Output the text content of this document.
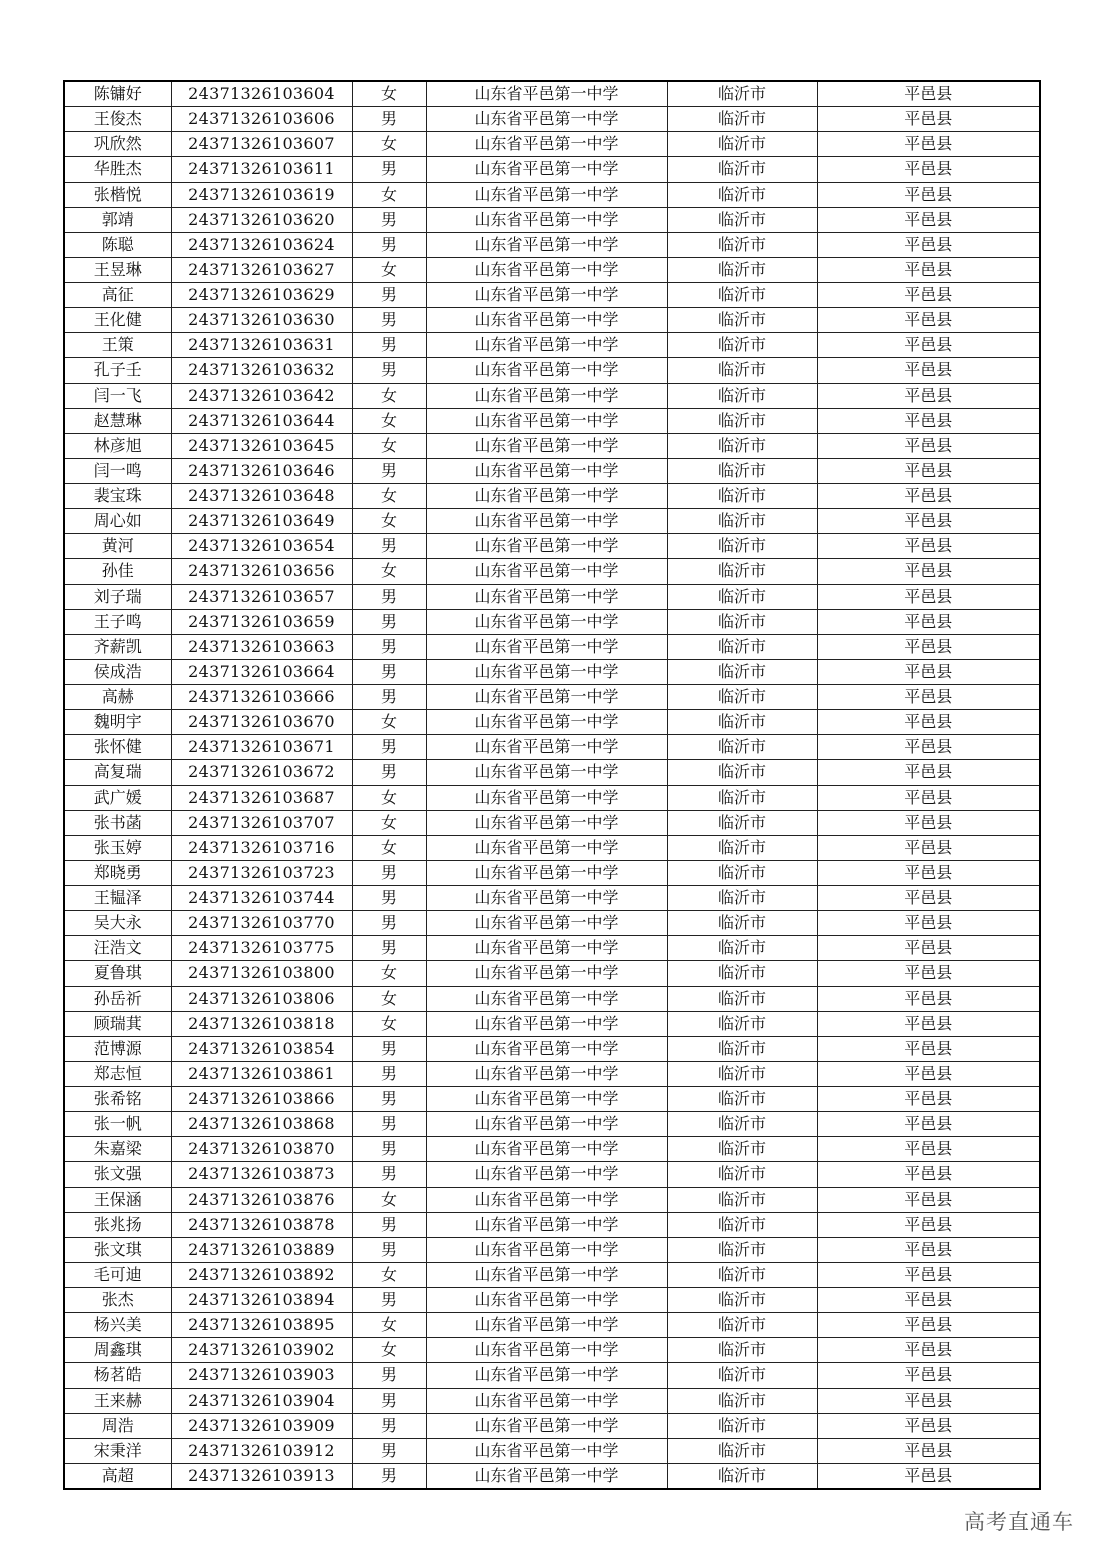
陈镛好	24371326103604	女	山东省平邑第一中学	临沂市	平邑县
王俊杰	24371326103606	男	山东省平邑第一中学	临沂市	平邑县
巩欣然	24371326103607	女	山东省平邑第一中学	临沂市	平邑县
华胜杰	24371326103611	男	山东省平邑第一中学	临沂市	平邑县
张楷悦	24371326103619	女	山东省平邑第一中学	临沂市	平邑县
郭靖	24371326103620	男	山东省平邑第一中学	临沂市	平邑县
陈聪	24371326103624	男	山东省平邑第一中学	临沂市	平邑县
王昱琳	24371326103627	女	山东省平邑第一中学	临沂市	平邑县
高征	24371326103629	男	山东省平邑第一中学	临沂市	平邑县
王化健	24371326103630	男	山东省平邑第一中学	临沂市	平邑县
王策	24371326103631	男	山东省平邑第一中学	临沂市	平邑县
孔子壬	24371326103632	男	山东省平邑第一中学	临沂市	平邑县
闫一飞	24371326103642	女	山东省平邑第一中学	临沂市	平邑县
赵慧琳	24371326103644	女	山东省平邑第一中学	临沂市	平邑县
林彦旭	24371326103645	女	山东省平邑第一中学	临沂市	平邑县
闫一鸣	24371326103646	男	山东省平邑第一中学	临沂市	平邑县
裴宝珠	24371326103648	女	山东省平邑第一中学	临沂市	平邑县
周心如	24371326103649	女	山东省平邑第一中学	临沂市	平邑县
黄河	24371326103654	男	山东省平邑第一中学	临沂市	平邑县
孙佳	24371326103656	女	山东省平邑第一中学	临沂市	平邑县
刘子瑞	24371326103657	男	山东省平邑第一中学	临沂市	平邑县
王子鸣	24371326103659	男	山东省平邑第一中学	临沂市	平邑县
齐薪凯	24371326103663	男	山东省平邑第一中学	临沂市	平邑县
侯成浩	24371326103664	男	山东省平邑第一中学	临沂市	平邑县
高赫	24371326103666	男	山东省平邑第一中学	临沂市	平邑县
魏明宇	24371326103670	女	山东省平邑第一中学	临沂市	平邑县
张怀健	24371326103671	男	山东省平邑第一中学	临沂市	平邑县
高复瑞	24371326103672	男	山东省平邑第一中学	临沂市	平邑县
武广媛	24371326103687	女	山东省平邑第一中学	临沂市	平邑县
张书菡	24371326103707	女	山东省平邑第一中学	临沂市	平邑县
张玉婷	24371326103716	女	山东省平邑第一中学	临沂市	平邑县
郑晓勇	24371326103723	男	山东省平邑第一中学	临沂市	平邑县
王韫泽	24371326103744	男	山东省平邑第一中学	临沂市	平邑县
吴大永	24371326103770	男	山东省平邑第一中学	临沂市	平邑县
汪浩文	24371326103775	男	山东省平邑第一中学	临沂市	平邑县
夏鲁琪	24371326103800	女	山东省平邑第一中学	临沂市	平邑县
孙岳祈	24371326103806	女	山东省平邑第一中学	临沂市	平邑县
顾瑞萁	24371326103818	女	山东省平邑第一中学	临沂市	平邑县
范博源	24371326103854	男	山东省平邑第一中学	临沂市	平邑县
郑志恒	24371326103861	男	山东省平邑第一中学	临沂市	平邑县
张希铭	24371326103866	男	山东省平邑第一中学	临沂市	平邑县
张一帆	24371326103868	男	山东省平邑第一中学	临沂市	平邑县
朱嘉梁	24371326103870	男	山东省平邑第一中学	临沂市	平邑县
张文强	24371326103873	男	山东省平邑第一中学	临沂市	平邑县
王保涵	24371326103876	女	山东省平邑第一中学	临沂市	平邑县
张兆扬	24371326103878	男	山东省平邑第一中学	临沂市	平邑县
张文琪	24371326103889	男	山东省平邑第一中学	临沂市	平邑县
毛可迪	24371326103892	女	山东省平邑第一中学	临沂市	平邑县
张杰	24371326103894	男	山东省平邑第一中学	临沂市	平邑县
杨兴美	24371326103895	女	山东省平邑第一中学	临沂市	平邑县
周鑫琪	24371326103902	女	山东省平邑第一中学	临沂市	平邑县
杨茗皓	24371326103903	男	山东省平邑第一中学	临沂市	平邑县
王来赫	24371326103904	男	山东省平邑第一中学	临沂市	平邑县
周浩	24371326103909	男	山东省平邑第一中学	临沂市	平邑县
宋秉洋	24371326103912	男	山东省平邑第一中学	临沂市	平邑县
高超	24371326103913	男	山东省平邑第一中学	临沂市	平邑县
高考直通车
